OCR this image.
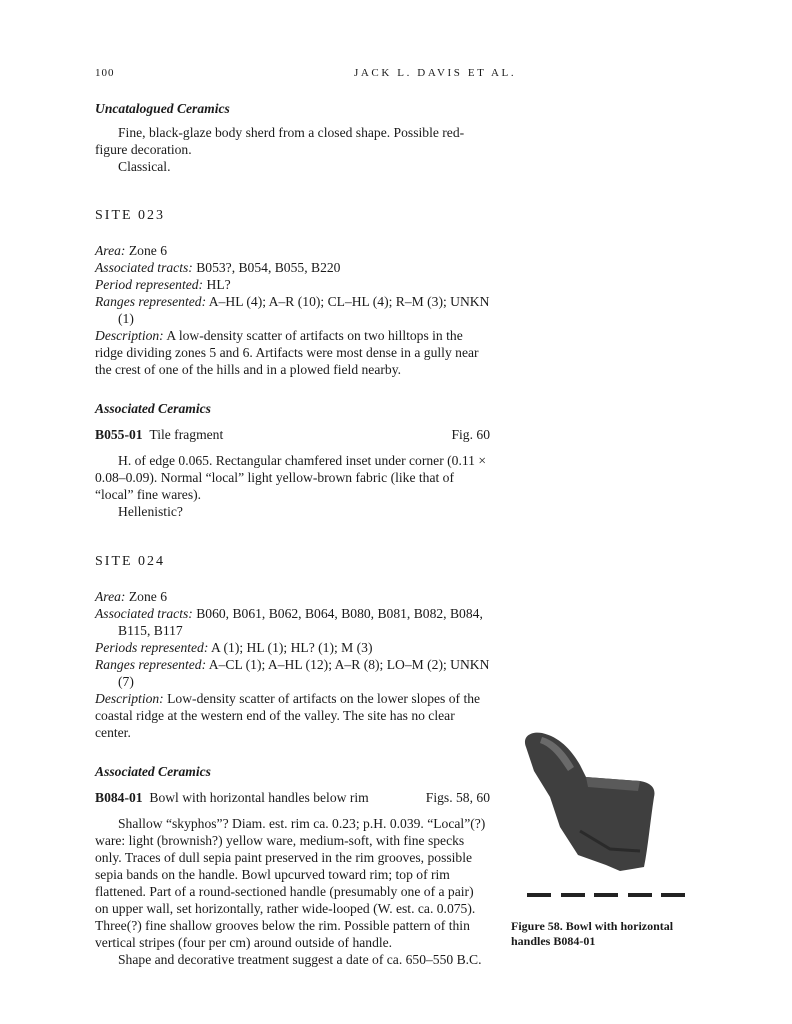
100	JACK L. DAVIS ET AL.
Uncatalogued Ceramics

Fine, black-glaze body sherd from a closed shape. Possible red-

figure decoration.

Classical.

SITE 023

Area: Zone 6

Associated tracts: B053?, B054, B055, B220

Period represented: HL?

Ranges represented: A–HL (4); A–R (10); CL–HL (4); R–M (3); UNKN (1)

Description: A low-density scatter of artifacts on two hilltops in the ridge dividing zones 5 and 6. Artifacts were most dense in a gully near the crest of one of the hills and in a plowed field nearby.

Associated Ceramics
B055-01 Tile fragment	Fig. 60

H. of edge 0.065. Rectangular chamfered inset under corner (0.11 × 0.08–0.09). Normal “local” light yellow-brown fabric (like that of “local” fine wares).

Hellenistic?

SITE 024

Area: Zone 6

Associated tracts: B060, B061, B062, B064, B080, B081, B082, B084, B115, B117

Periods represented: A (1); HL (1); HL? (1); M (3)

Ranges represented: A–CL (1); A–HL (12); A–R (8); LO–M (2); UNKN (7)

Description: Low-density scatter of artifacts on the lower slopes of the coastal ridge at the western end of the valley. The site has no clear center.

Associated Ceramics
B084-01 Bowl with horizontal handles below rim	Figs. 58, 60

Shallow “skyphos”? Diam. est. rim ca. 0.23; p.H. 0.039. “Local”(?) ware: light (brownish?) yellow ware, medium-soft, with fine specks only. Traces of dull sepia paint preserved in the rim grooves, possible sepia bands on the handle. Bowl upcurved toward rim; top of rim flattened. Part of a round-sectioned handle (presumably one of a pair) on upper wall, set horizontally, rather wide-looped (W. est. ca. 0.075). Three(?) fine shallow grooves below the rim. Possible pattern of thin vertical stripes (four per cm) around outside of handle.

Shape and decorative treatment suggest a date of ca. 650–550 B.C.

Figure 58. Bowl with horizontal
handles B084-01
